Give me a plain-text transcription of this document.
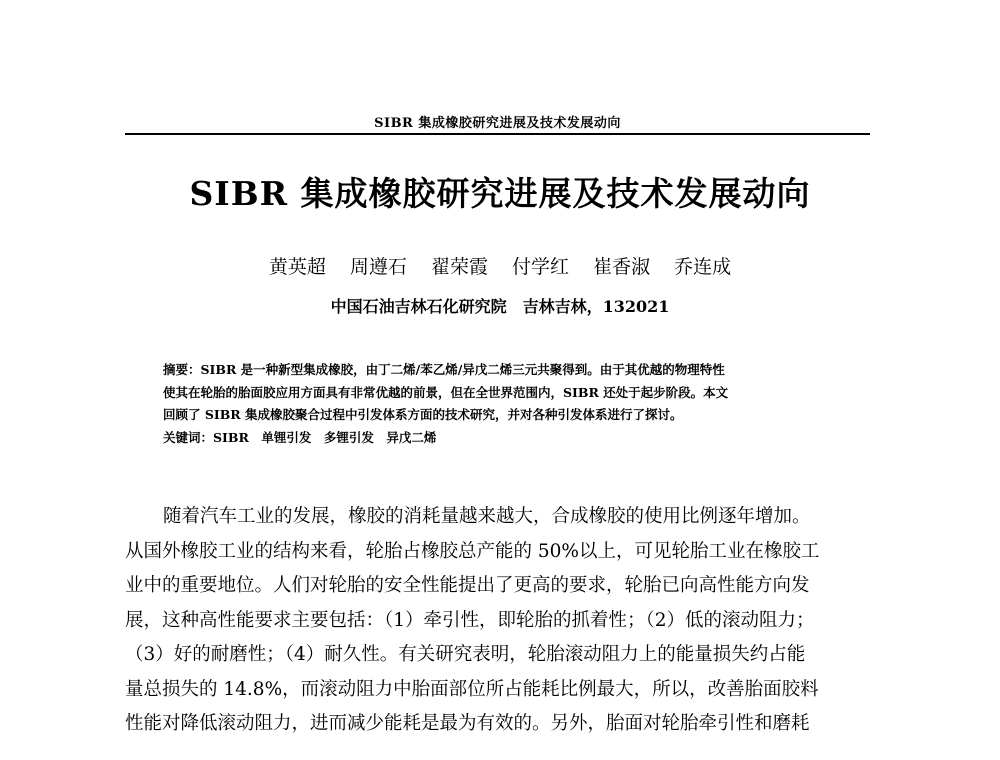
SIBR 集成橡胶研究进展及技术发展动向
SIBR 集成橡胶研究进展及技术发展动向
黄英超 周遵石 翟荣霞 付学红 崔香淑 乔连成
中国石油吉林石化研究院　吉林吉林，132021
摘要：SIBR 是一种新型集成橡胶，由丁二烯/苯乙烯/异戊二烯三元共聚得到。由于其优越的物理特性
使其在轮胎的胎面胶应用方面具有非常优越的前景，但在全世界范围内，SIBR 还处于起步阶段。本文
回顾了 SIBR 集成橡胶聚合过程中引发体系方面的技术研究，并对各种引发体系进行了探讨。
关键词：SIBR　单锂引发　多锂引发　异戊二烯
随着汽车工业的发展，橡胶的消耗量越来越大，合成橡胶的使用比例逐年增加。
从国外橡胶工业的结构来看，轮胎占橡胶总产能的 50%以上，可见轮胎工业在橡胶工
业中的重要地位。人们对轮胎的安全性能提出了更高的要求，轮胎已向高性能方向发
展，这种高性能要求主要包括：（1）牵引性，即轮胎的抓着性；（2）低的滚动阻力；
（3）好的耐磨性；（4）耐久性。有关研究表明，轮胎滚动阻力上的能量损失约占能
量总损失的 14.8%，而滚动阻力中胎面部位所占能耗比例最大，所以，改善胎面胶料
性能对降低滚动阻力，进而减少能耗是最为有效的。另外，胎面对轮胎牵引性和磨耗
